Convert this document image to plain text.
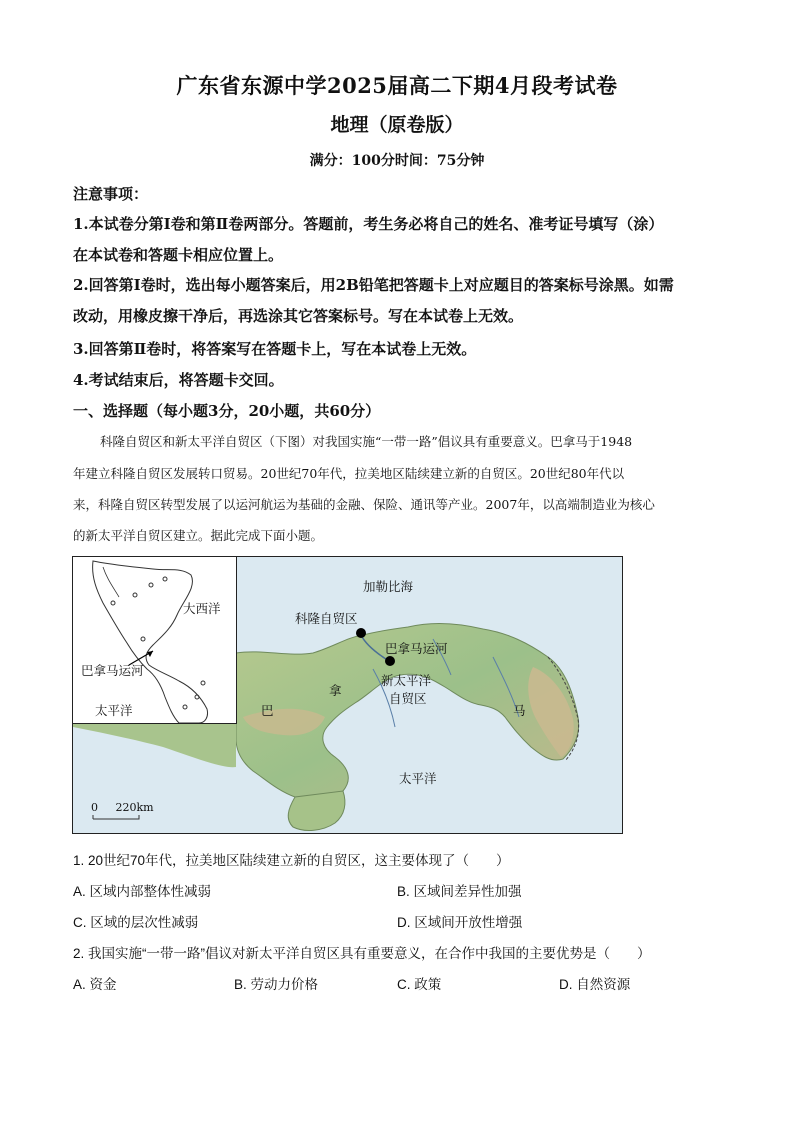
广东省东源中学2025届高二下期4月段考试卷
地理（原卷版）
满分：100分时间：75分钟
注意事项：
1.本试卷分第Ⅰ卷和第Ⅱ卷两部分。答题前，考生务必将自己的姓名、准考证号填写（涂）
在本试卷和答题卡相应位置上。
2.回答第Ⅰ卷时，选出每小题答案后，用2B铅笔把答题卡上对应题目的答案标号涂黑。如需
改动，用橡皮擦干净后，再选涂其它答案标号。写在本试卷上无效。
3.回答第Ⅱ卷时，将答案写在答题卡上，写在本试卷上无效。
4.考试结束后，将答题卡交回。
一、选择题（每小题3分，20小题，共60分）
科隆自贸区和新太平洋自贸区（下图）对我国实施“一带一路”倡议具有重要意义。巴拿马于1948
年建立科隆自贸区发展转口贸易。20世纪70年代，拉美地区陆续建立新的自贸区。20世纪80年代以
来，科隆自贸区转型发展了以运河航运为基础的金融、保险、通讯等产业。2007年，以高端制造业为核心
的新太平洋自贸区建立。据此完成下面小题。
大西洋
巴拿马运河
太平洋
加勒比海
科隆自贸区
巴拿马运河
新太平洋
自贸区
巴
拿
马
太平洋
0 220km
1. 20世纪70年代，拉美地区陆续建立新的自贸区，这主要体现了（　　）
A. 区域内部整体性减弱	B. 区域间差异性加强
C. 区域的层次性减弱	D. 区域间开放性增强
2. 我国实施“一带一路”倡议对新太平洋自贸区具有重要意义，在合作中我国的主要优势是（　　）
A. 资金	B. 劳动力价格	C. 政策	D. 自然资源
